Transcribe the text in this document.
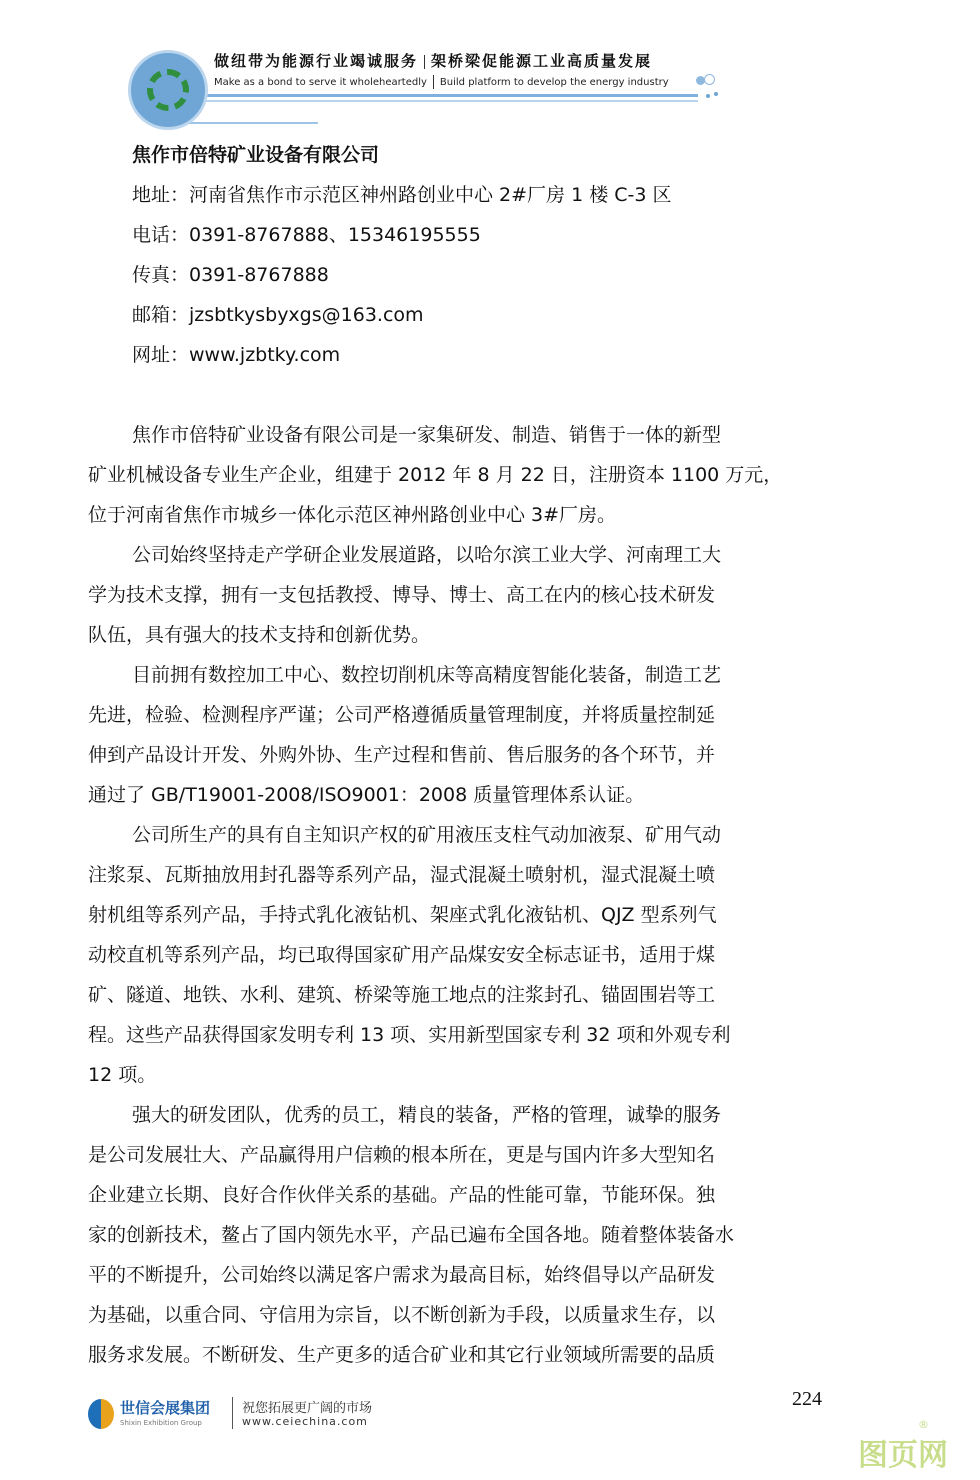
做纽带为能源行业竭诚服务 架桥梁促能源工业高质量发展
Make as a bond to serve it wholeheartedly Build platform to develop the energy industry
焦作市倍特矿业设备有限公司
地址：河南省焦作市示范区神州路创业中心 2#厂房 1 楼 C-3 区
电话：0391-8767888、15346195555
传真：0391-8767888
邮箱：jzsbtkysbyxgs@163.com
网址：www.jzbtky.com
焦作市倍特矿业设备有限公司是一家集研发、制造、销售于一体的新型
矿业机械设备专业生产企业，组建于 2012 年 8 月 22 日，注册资本 1100 万元，
位于河南省焦作市城乡一体化示范区神州路创业中心 3#厂房。
公司始终坚持走产学研企业发展道路，以哈尔滨工业大学、河南理工大
学为技术支撑，拥有一支包括教授、博导、博士、高工在内的核心技术研发
队伍，具有强大的技术支持和创新优势。
目前拥有数控加工中心、数控切削机床等高精度智能化装备，制造工艺
先进，检验、检测程序严谨；公司严格遵循质量管理制度，并将质量控制延
伸到产品设计开发、外购外协、生产过程和售前、售后服务的各个环节，并
通过了 GB/T19001-2008/ISO9001：2008 质量管理体系认证。
公司所生产的具有自主知识产权的矿用液压支柱气动加液泵、矿用气动
注浆泵、瓦斯抽放用封孔器等系列产品，湿式混凝土喷射机，湿式混凝土喷
射机组等系列产品，手持式乳化液钻机、架座式乳化液钻机、QJZ 型系列气
动校直机等系列产品，均已取得国家矿用产品煤安安全标志证书，适用于煤
矿、隧道、地铁、水利、建筑、桥梁等施工地点的注浆封孔、锚固围岩等工
程。这些产品获得国家发明专利 13 项、实用新型国家专利 32 项和外观专利
12 项。
强大的研发团队，优秀的员工，精良的装备，严格的管理，诚挚的服务
是公司发展壮大、产品赢得用户信赖的根本所在，更是与国内许多大型知名
企业建立长期、良好合作伙伴关系的基础。产品的性能可靠，节能环保。独
家的创新技术，鳌占了国内领先水平，产品已遍布全国各地。随着整体装备水
平的不断提升，公司始终以满足客户需求为最高目标，始终倡导以产品研发
为基础，以重合同、守信用为宗旨，以不断创新为手段，以质量求生存，以
服务求发展。不断研发、生产更多的适合矿业和其它行业领域所需要的品质
224
世信会展集团
Shixin Exhibition Group
祝您拓展更广阔的市场
www.ceiechina.com
图页网
®
